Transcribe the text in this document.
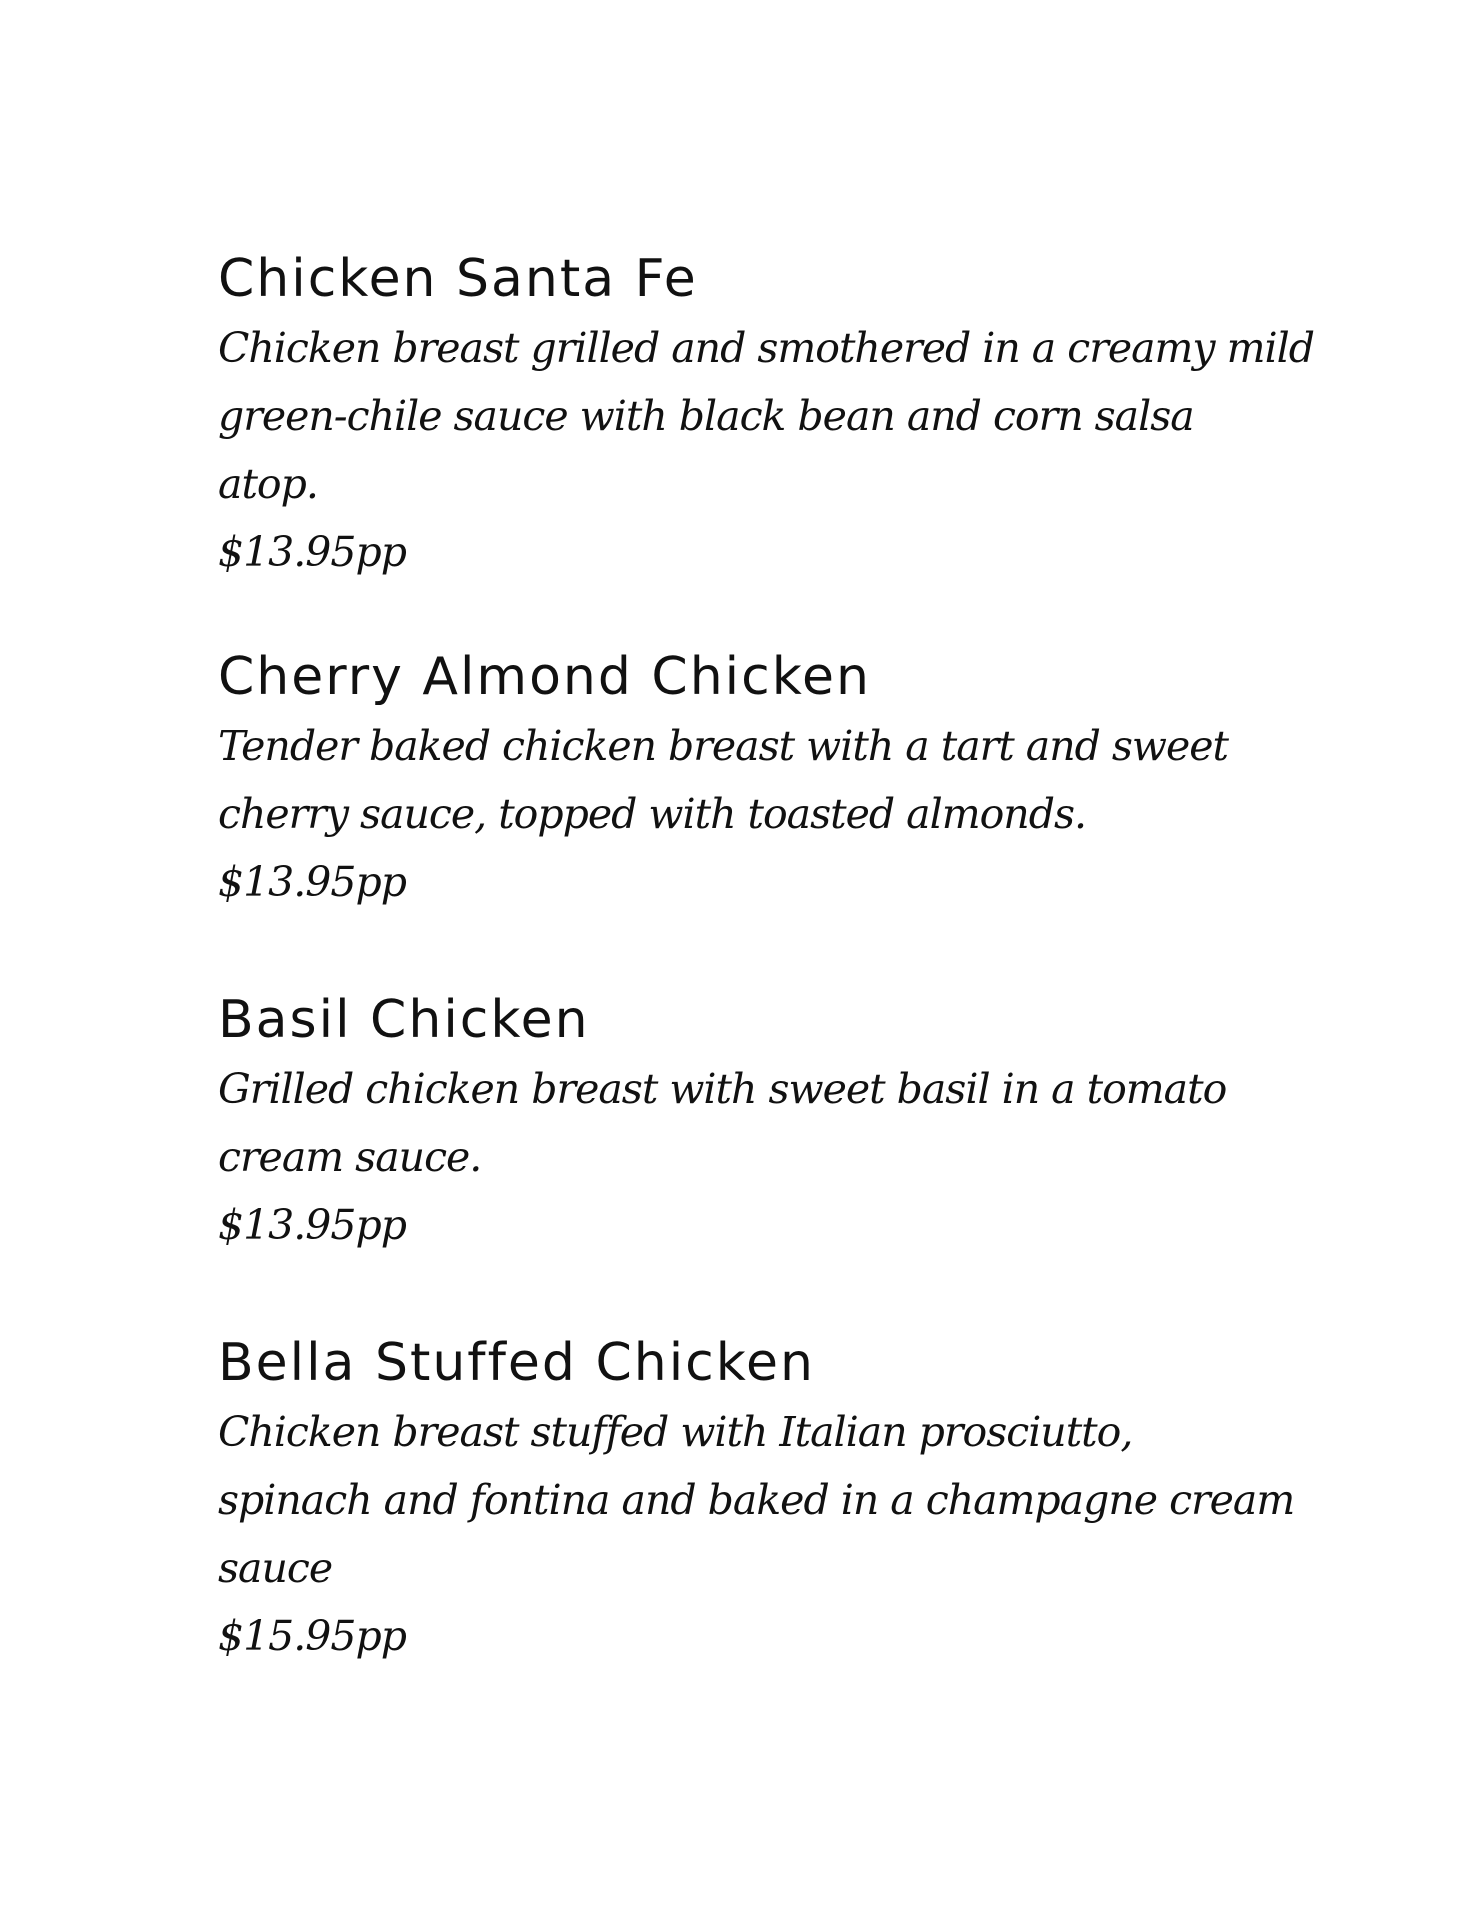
Chicken Santa Fe
Chicken breast grilled and smothered in a creamy mild
green-chile sauce with black bean and corn salsa
atop.
$13.95pp
Cherry Almond Chicken
Tender baked chicken breast with a tart and sweet
cherry sauce, topped with toasted almonds.
$13.95pp
Basil Chicken
Grilled chicken breast with sweet basil in a tomato
cream sauce.
$13.95pp
Bella Stuffed Chicken
Chicken breast stuffed with Italian prosciutto,
spinach and fontina and baked in a champagne cream
sauce
$15.95pp
